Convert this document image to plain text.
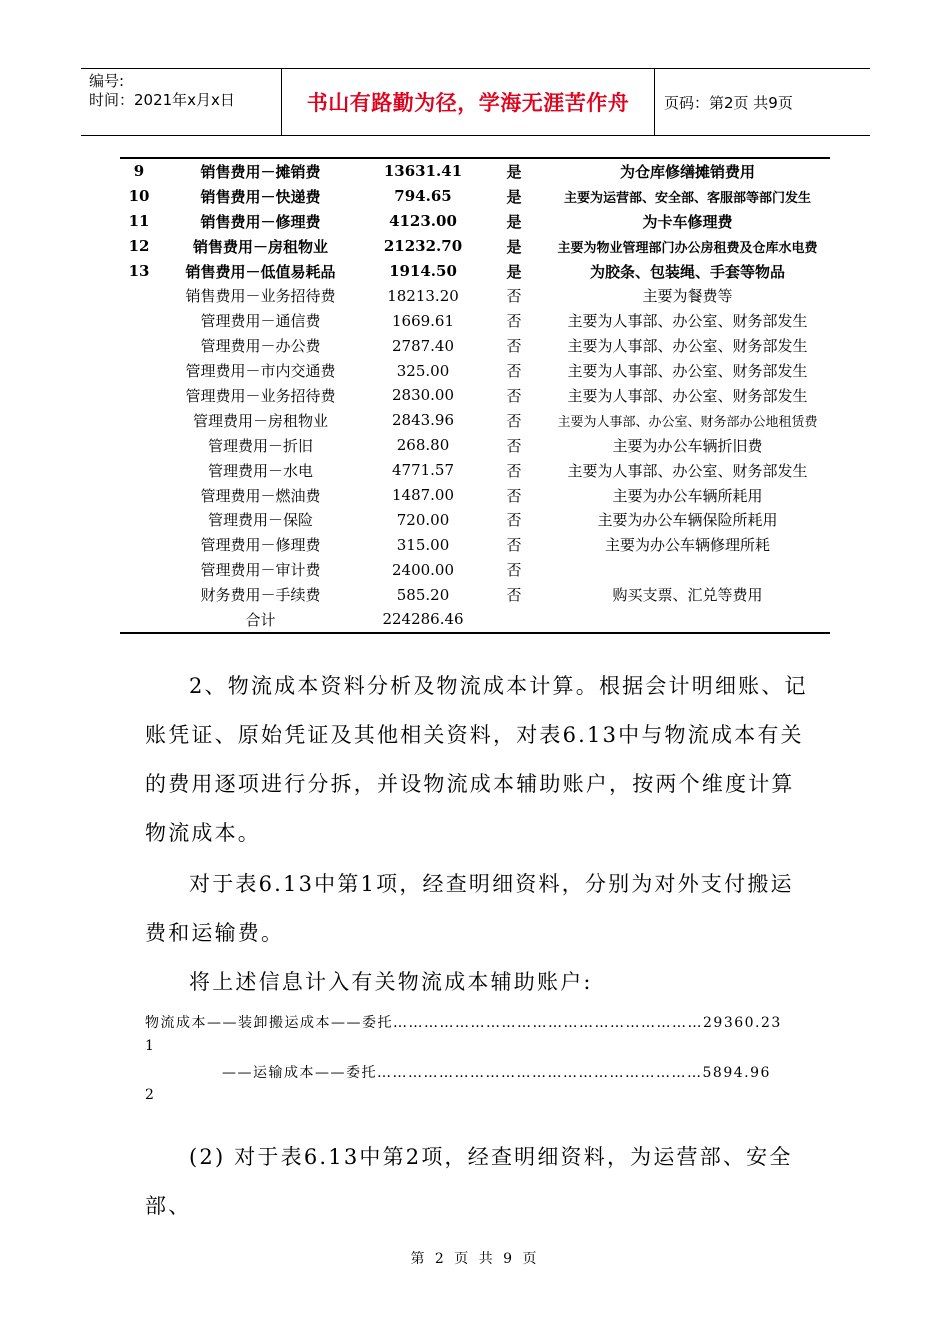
编号:
时间：2021年x月x日	书山有路勤为径，学海无涯苦作舟	页码：第2页 共9页
9	销售费用－摊销费	13631.41	是	为仓库修缮摊销费用
10	销售费用－快递费	794.65	是	主要为运营部、安全部、客服部等部门发生
11	销售费用－修理费	4123.00	是	为卡车修理费
12	销售费用－房租物业	21232.70	是	主要为物业管理部门办公房租费及仓库水电费
13	销售费用－低值易耗品	1914.50	是	为胶条、包装绳、手套等物品
销售费用－业务招待费	18213.20	否	主要为餐费等
管理费用－通信费	1669.61	否	主要为人事部、办公室、财务部发生
管理费用－办公费	2787.40	否	主要为人事部、办公室、财务部发生
管理费用－市内交通费	325.00	否	主要为人事部、办公室、财务部发生
管理费用－业务招待费	2830.00	否	主要为人事部、办公室、财务部发生
管理费用－房租物业	2843.96	否	主要为人事部、办公室、财务部办公地租赁费
管理费用－折旧	268.80	否	主要为办公车辆折旧费
管理费用－水电	4771.57	否	主要为人事部、办公室、财务部发生
管理费用－燃油费	1487.00	否	主要为办公车辆所耗用
管理费用－保险	720.00	否	主要为办公车辆保险所耗用
管理费用－修理费	315.00	否	主要为办公车辆修理所耗
管理费用－审计费	2400.00	否
财务费用－手续费	585.20	否	购买支票、汇兑等费用
合计	224286.46
2、物流成本资料分析及物流成本计算。根据会计明细账、记账凭证、原始凭证及其他相关资料，对表6.13中与物流成本有关的费用逐项进行分拆，并设物流成本辅助账户，按两个维度计算物流成本。
对于表6.13中第1项，经查明细资料，分别为对外支付搬运费和运输费。
将上述信息计入有关物流成本辅助账户:
物流成本——装卸搬运成本——委托……………………………………………………29360.23
1
——运输成本——委托………………………………………………………5894.96
2
(2) 对于表6.13中第2项，经查明细资料，为运营部、安全部、
第 2 页 共 9 页
